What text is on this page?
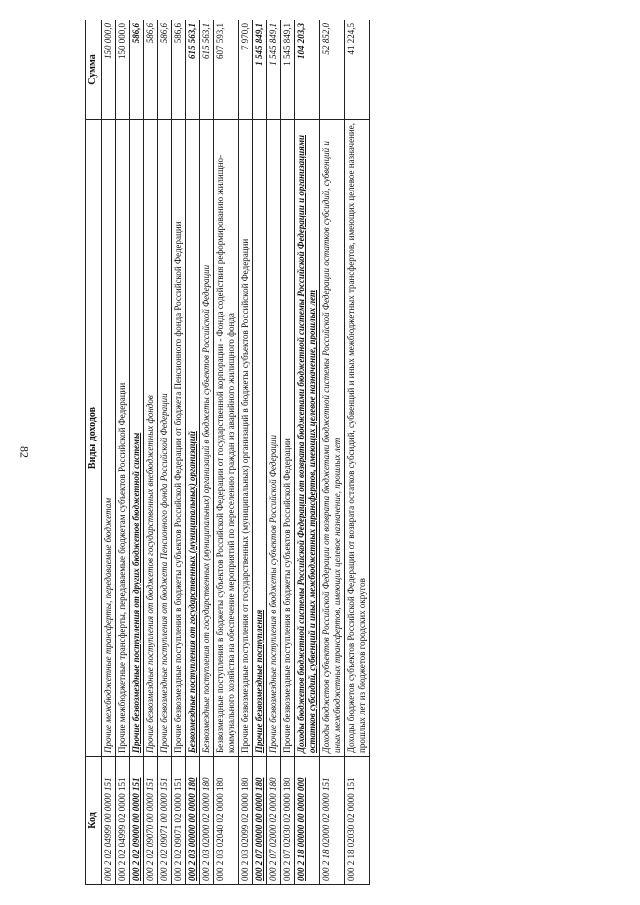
82
Код	Виды доходов	Сумма
000 2 02 04999 00 0000 151	Прочие межбюджетные трансферты, передаваемые бюджетам	150 000,0
000 2 02 04999 02 0000 151	Прочие межбюджетные трансферты, передаваемые бюджетам субъектов Российской Федерации	150 000,0
000 2 02 09000 00 0000 151	Прочие безвозмездные поступления от других бюджетов бюджетной системы	586,6
000 2 02 09070 00 0000 151	Прочие безвозмездные поступления от бюджетов государственных внебюджетных фондов	586,6
000 2 02 09071 00 0000 151	Прочие безвозмездные поступления от бюджета Пенсионного фонда Российской Федерации	586,6
000 2 02 09071 02 0000 151	Прочие безвозмездные поступления в бюджеты субъектов Российской Федерации от бюджета Пенсионного фонда Российской Федерации	586,6
000 2 03 00000 00 0000 180	Безвозмездные поступления от государственных (муниципальных) организаций	615 563,1
000 2 03 02000 02 0000 180	Безвозмездные поступления от государственных (муниципальных) организаций в бюджеты субъектов Российской Федерации	615 563,1
000 2 03 02040 02 0000 180	Безвозмездные поступления в бюджеты субъектов Российской Федерации от государственной корпорации - Фонда содействия реформированию жилищно-коммунального хозяйства на обеспечение мероприятий по переселению граждан из аварийного жилищного фонда	607 593,1
000 2 03 02099 02 0000 180	Прочие безвозмездные поступления от государственных (муниципальных) организаций в бюджеты субъектов Российской Федерации	7 970,0
000 2 07 00000 00 0000 180	Прочие безвозмездные поступления	1 545 849,1
000 2 07 02000 02 0000 180	Прочие безвозмездные поступления в бюджеты субъектов Российской Федерации	1 545 849,1
000 2 07 02030 02 0000 180	Прочие безвозмездные поступления в бюджеты субъектов Российской Федерации	1 545 849,1
000 2 18 00000 00 0000 000	Доходы бюджетов бюджетной системы Российской Федерации от возврата бюджетами бюджетной системы Российской Федерации и организациями остатков субсидий, субвенций и иных межбюджетных трансфертов, имеющих целевое назначение, прошлых лет	104 203,3
000 2 18 02000 02 0000 151	Доходы бюджетов субъектов Российской Федерации от возврата бюджетами бюджетной системы Российской Федерации остатков субсидий, субвенций и иных межбюджетных трансфертов, имеющих целевое назначение, прошлых лет	52 852,0
000 2 18 02030 02 0000 151	Доходы бюджетов субъектов Российской Федерации от возврата остатков субсидий, субвенций и иных межбюджетных трансфертов, имеющих целевое назначение, прошлых лет из бюджетов городских округов	41 224,5
